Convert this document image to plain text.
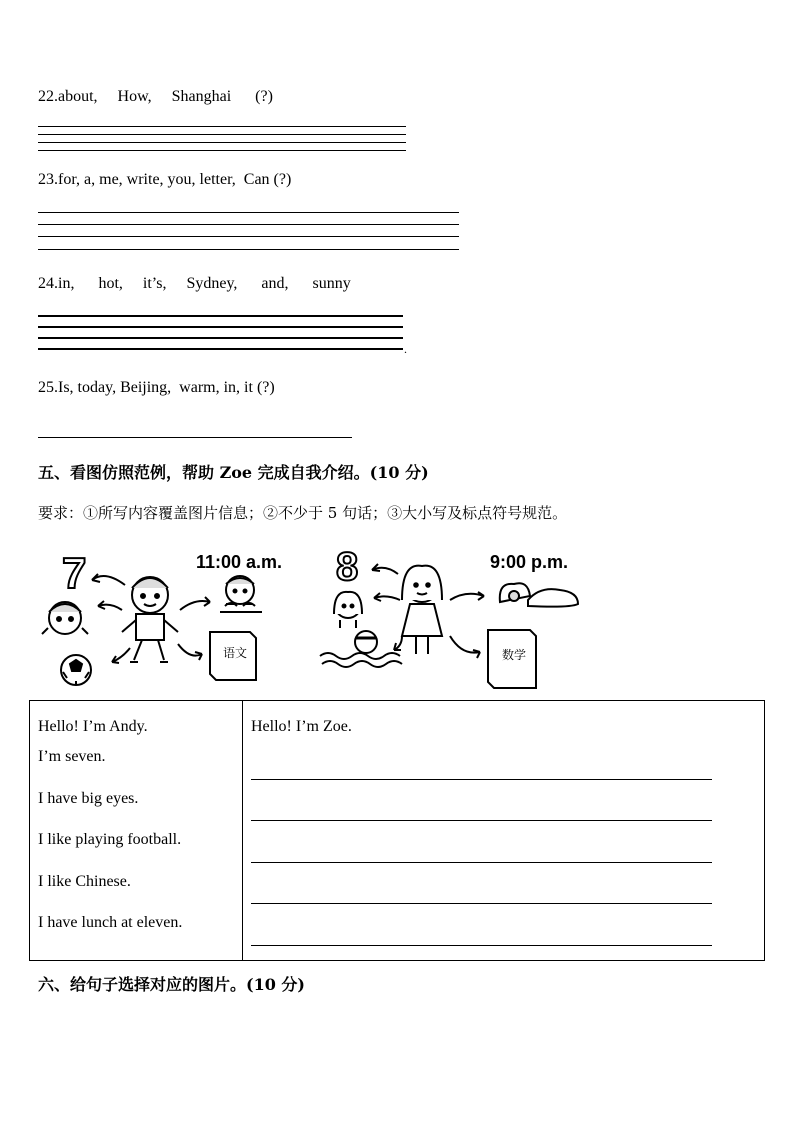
22.about,     How,     Shanghai      (?)
23.for, a, me, write, you, letter,  Can (?)
24.in,      hot,     it’s,     Sydney,      and,      sunny
.
25.Is, today, Beijing,  warm, in, it (?)
五、看图仿照范例，帮助 Zoe 完成自我介绍。(10 分)
要求：①所写内容覆盖图片信息；②不少于 5 句话；③大小写及标点符号规范。
7	11:00 a.m.
语文
8	9:00 p.m.
数学
Hello! I’m Andy.
I’m seven.
I have big eyes.
I like playing football.
I like Chinese.
I have lunch at eleven.

Hello! I’m Zoe.
六、给句子选择对应的图片。(10 分)
